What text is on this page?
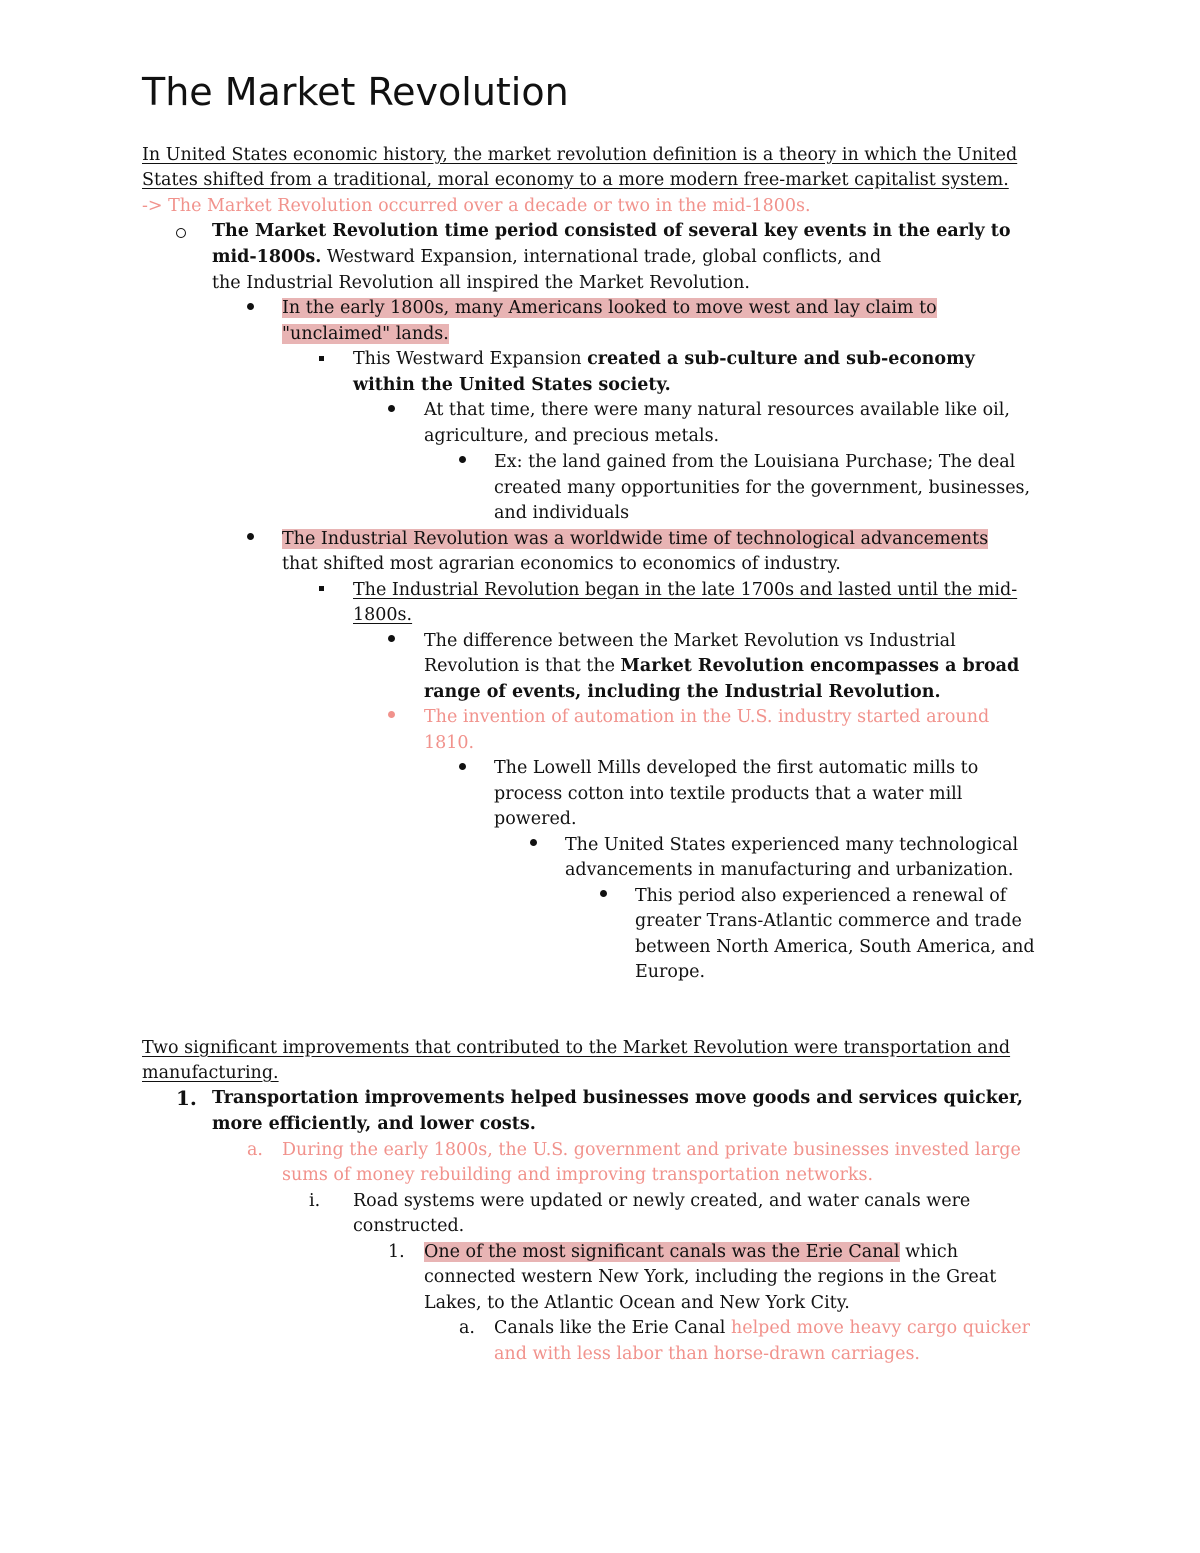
The Market Revolution
In United States economic history, the market revolution definition is a theory in which the United
States shifted from a traditional, moral economy to a more modern free-market capitalist system.
-> The Market Revolution occurred over a decade or two in the mid-1800s.
The Market Revolution time period consisted of several key events in the early to
mid-1800s. Westward Expansion, international trade, global conflicts, and
the Industrial Revolution all inspired the Market Revolution.
In the early 1800s, many Americans looked to move west and lay claim to
"unclaimed" lands.
This Westward Expansion created a sub-culture and sub-economy
within the United States society.
At that time, there were many natural resources available like oil,
agriculture, and precious metals.
Ex: the land gained from the Louisiana Purchase; The deal
created many opportunities for the government, businesses,
and individuals
The Industrial Revolution was a worldwide time of technological advancements
that shifted most agrarian economics to economics of industry.
The Industrial Revolution began in the late 1700s and lasted until the mid-
1800s.
The difference between the Market Revolution vs Industrial
Revolution is that the Market Revolution encompasses a broad
range of events, including the Industrial Revolution.
The invention of automation in the U.S. industry started around
1810.
The Lowell Mills developed the first automatic mills to
process cotton into textile products that a water mill
powered.
The United States experienced many technological
advancements in manufacturing and urbanization.
This period also experienced a renewal of
greater Trans-Atlantic commerce and trade
between North America, South America, and
Europe.
Two significant improvements that contributed to the Market Revolution were transportation and
manufacturing.
1. Transportation improvements helped businesses move goods and services quicker,
more efficiently, and lower costs.
a. During the early 1800s, the U.S. government and private businesses invested large
sums of money rebuilding and improving transportation networks.
i. Road systems were updated or newly created, and water canals were
constructed.
1. One of the most significant canals was the Erie Canal which
connected western New York, including the regions in the Great
Lakes, to the Atlantic Ocean and New York City.
a. Canals like the Erie Canal helped move heavy cargo quicker
and with less labor than horse-drawn carriages.
